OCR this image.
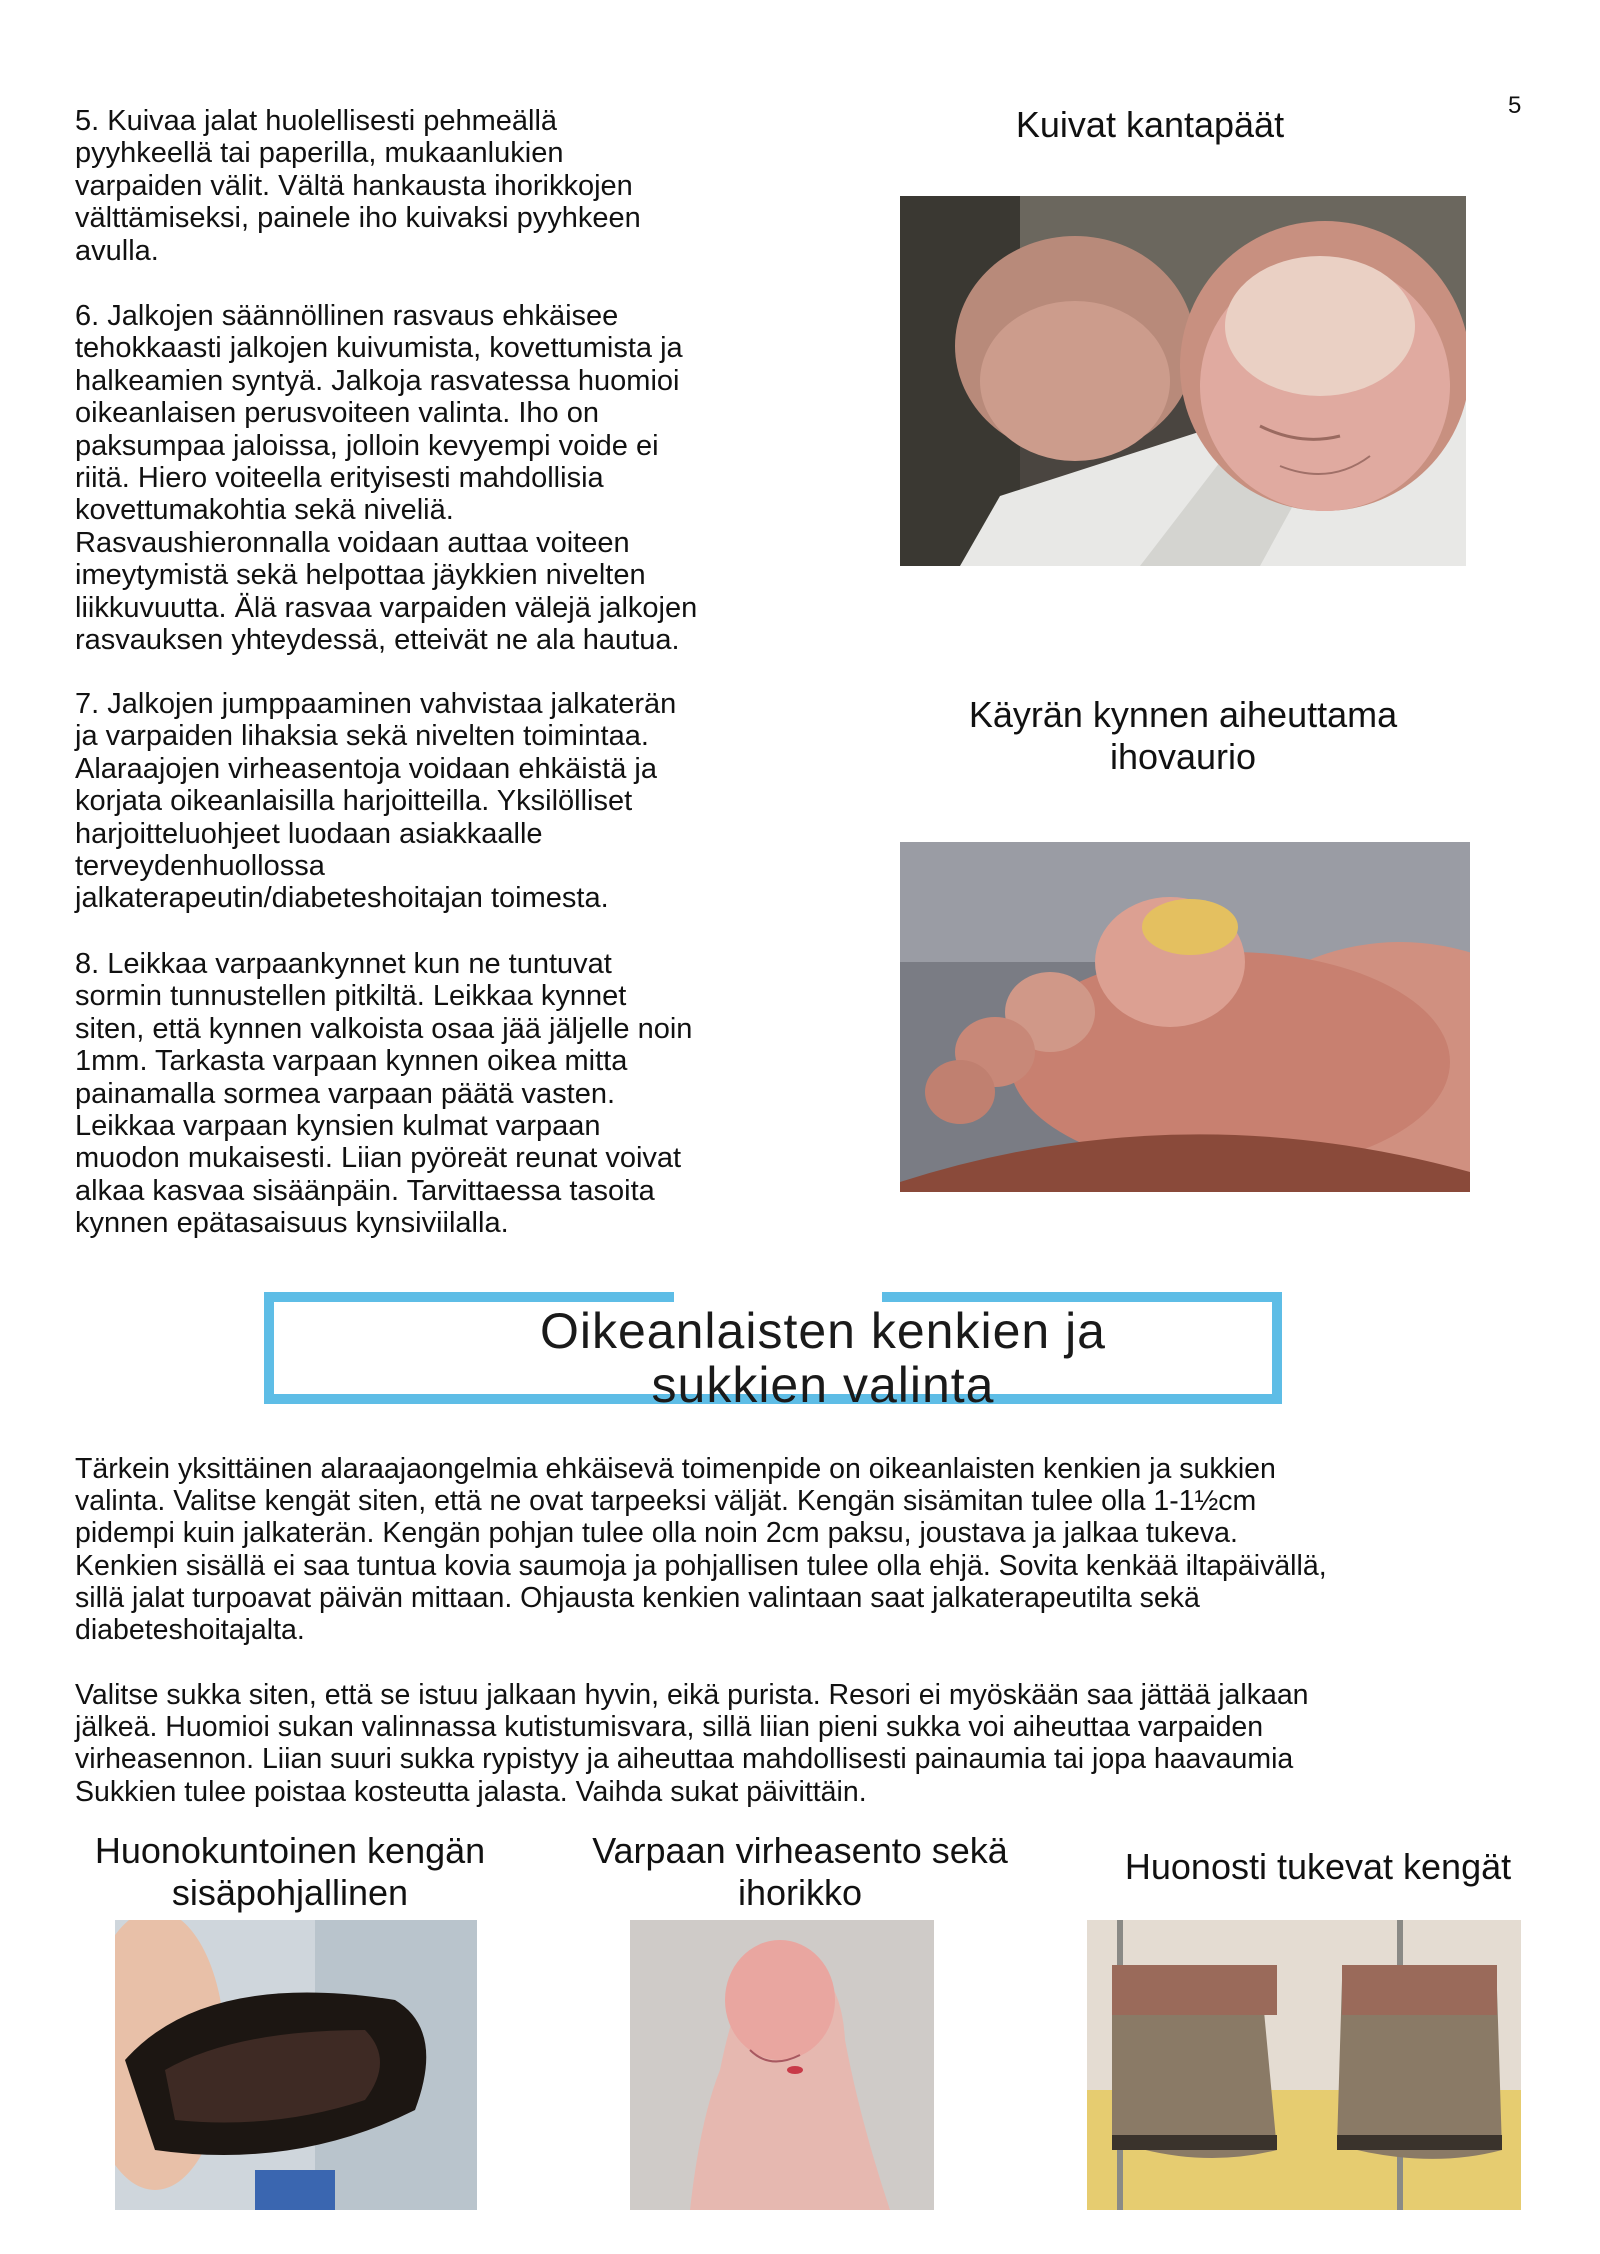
5

5. Kuivaa jalat huolellisesti pehmeällä
pyyhkeellä tai paperilla, mukaanlukien
varpaiden välit. Vältä hankausta ihorikkojen
välttämiseksi, painele iho kuivaksi pyyhkeen
avulla.

6. Jalkojen säännöllinen rasvaus ehkäisee
tehokkaasti jalkojen kuivumista, kovettumista ja
halkeamien syntyä. Jalkoja rasvatessa huomioi
oikeanlaisen perusvoiteen valinta. Iho on
paksumpaa jaloissa, jolloin kevyempi voide ei
riitä. Hiero voiteella erityisesti mahdollisia
kovettumakohtia sekä niveliä.
Rasvaushieronnalla voidaan auttaa voiteen
imeytymistä sekä helpottaa jäykkien nivelten
liikkuvuutta. Älä rasvaa varpaiden välejä jalkojen
rasvauksen yhteydessä, etteivät ne ala hautua.

7. Jalkojen jumppaaminen vahvistaa jalkaterän
ja varpaiden lihaksia sekä nivelten toimintaa.
Alaraajojen virheasentoja voidaan ehkäistä ja
korjata oikeanlaisilla harjoitteilla. Yksilölliset
harjoitteluohjeet luodaan asiakkaalle
terveydenhuollossa
jalkaterapeutin/diabeteshoitajan toimesta.

8. Leikkaa varpaankynnet kun ne tuntuvat
sormin tunnustellen pitkiltä. Leikkaa kynnet
siten, että kynnen valkoista osaa jää jäljelle noin
1mm. Tarkasta varpaan kynnen oikea mitta
painamalla sormea varpaan päätä vasten.
Leikkaa varpaan kynsien kulmat varpaan
muodon mukaisesti. Liian pyöreät reunat voivat
alkaa kasvaa sisäänpäin. Tarvittaessa tasoita
kynnen epätasaisuus kynsiviilalla.

Kuivat kantapäät

Käyrän kynnen aiheuttama ihovaurio

Oikeanlaisten kenkien ja
sukkien valinta

Tärkein yksittäinen alaraajaongelmia ehkäisevä toimenpide on oikeanlaisten kenkien ja sukkien
valinta. Valitse kengät siten, että ne ovat tarpeeksi väljät. Kengän sisämitan tulee olla 1-1½cm
pidempi kuin jalkaterän. Kengän pohjan tulee olla noin 2cm paksu, joustava ja jalkaa tukeva.
Kenkien sisällä ei saa tuntua kovia saumoja ja pohjallisen tulee olla ehjä. Sovita kenkää iltapäivällä,
sillä jalat turpoavat päivän mittaan. Ohjausta kenkien valintaan saat jalkaterapeutilta sekä
diabeteshoitajalta.

Valitse sukka siten, että se istuu jalkaan hyvin, eikä purista. Resori ei myöskään saa jättää jalkaan
jälkeä. Huomioi sukan valinnassa kutistumisvara, sillä liian pieni sukka voi aiheuttaa varpaiden
virheasennon. Liian suuri sukka rypistyy ja aiheuttaa mahdollisesti painaumia tai jopa haavaumia
Sukkien tulee poistaa kosteutta jalasta. Vaihda sukat päivittäin.

Huonokuntoinen kengän sisäpohjallinen

Varpaan virheasento sekä ihorikko

Huonosti tukevat kengät
